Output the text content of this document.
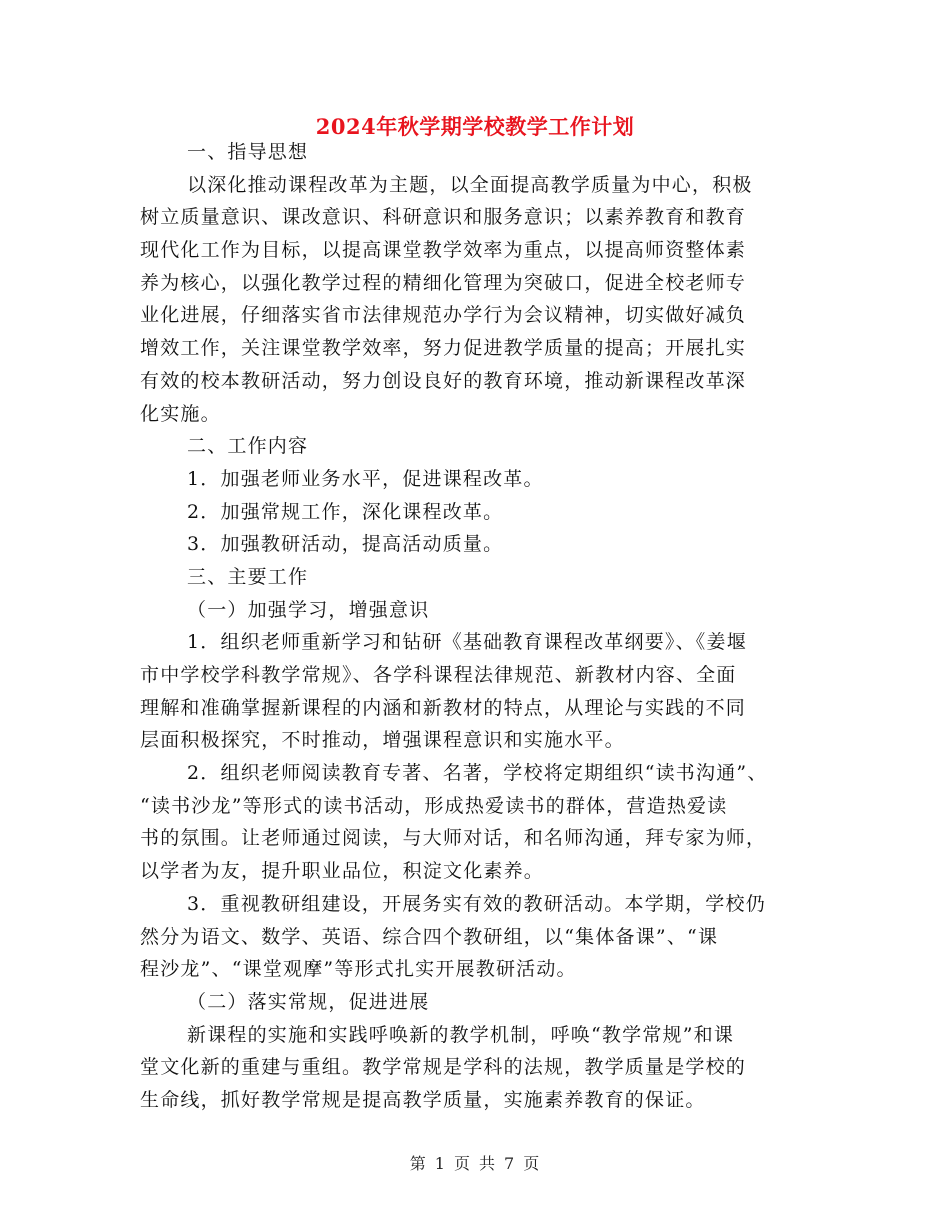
2024年秋学期学校教学工作计划
一、指导思想
以深化推动课程改革为主题，以全面提高教学质量为中心，积极
树立质量意识、课改意识、科研意识和服务意识；以素养教育和教育
现代化工作为目标，以提高课堂教学效率为重点，以提高师资整体素
养为核心，以强化教学过程的精细化管理为突破口，促进全校老师专
业化进展，仔细落实省市法律规范办学行为会议精神，切实做好减负
增效工作，关注课堂教学效率，努力促进教学质量的提高；开展扎实
有效的校本教研活动，努力创设良好的教育环境，推动新课程改革深
化实施。
二、工作内容
1．加强老师业务水平，促进课程改革。
2．加强常规工作，深化课程改革。
3．加强教研活动，提高活动质量。
三、主要工作
（一）加强学习，增强意识
1．组织老师重新学习和钻研《基础教育课程改革纲要》、《姜堰
市中学校学科教学常规》、各学科课程法律规范、新教材内容、全面
理解和准确掌握新课程的内涵和新教材的特点，从理论与实践的不同
层面积极探究，不时推动，增强课程意识和实施水平。
2．组织老师阅读教育专著、名著，学校将定期组织“读书沟通”、
“读书沙龙”等形式的读书活动，形成热爱读书的群体，营造热爱读
书的氛围。让老师通过阅读，与大师对话，和名师沟通，拜专家为师，
以学者为友，提升职业品位，积淀文化素养。
3．重视教研组建设，开展务实有效的教研活动。本学期，学校仍
然分为语文、数学、英语、综合四个教研组，以“集体备课”、“课
程沙龙”、“课堂观摩”等形式扎实开展教研活动。
（二）落实常规，促进进展
新课程的实施和实践呼唤新的教学机制，呼唤“教学常规”和课
堂文化新的重建与重组。教学常规是学科的法规，教学质量是学校的
生命线，抓好教学常规是提高教学质量，实施素养教育的保证。
第 1 页 共 7 页
